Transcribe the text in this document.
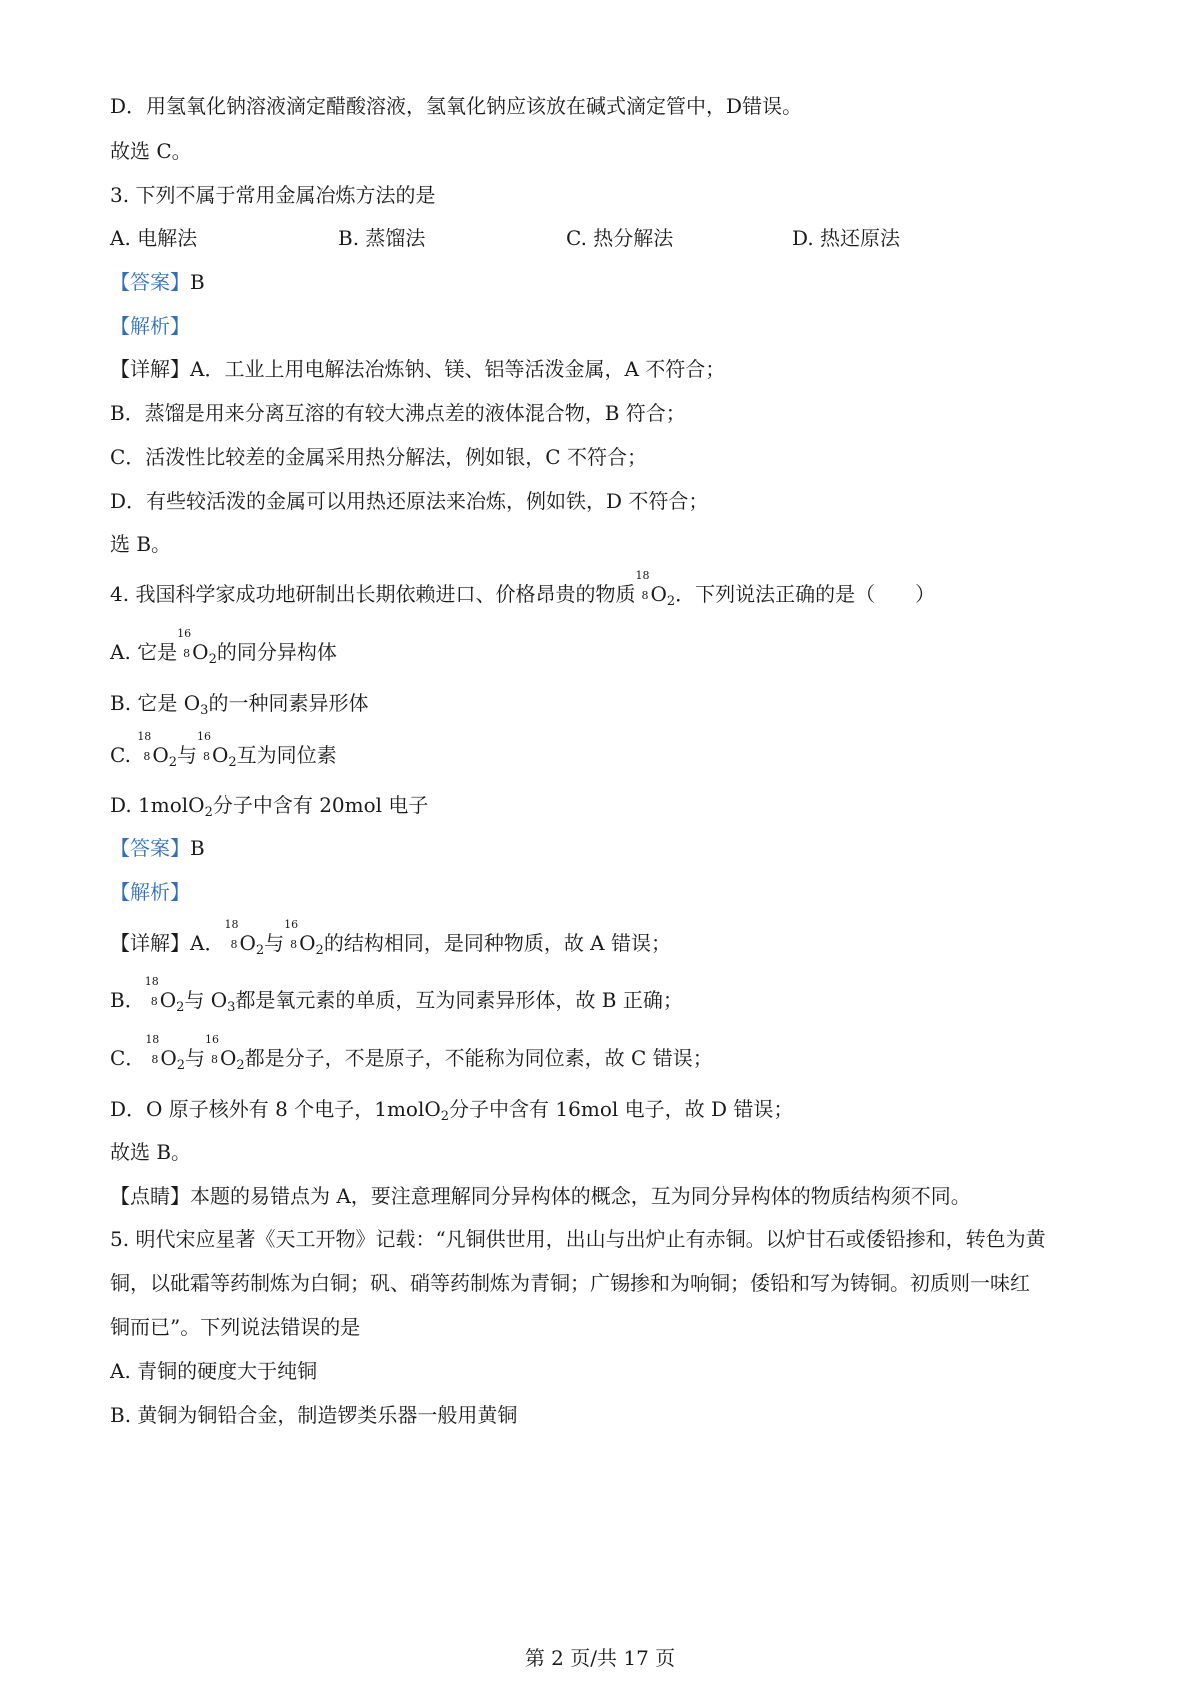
D．用氢氧化钠溶液滴定醋酸溶液，氢氧化钠应该放在碱式滴定管中，D错误。
故选 C。
3. 下列不属于常用金属冶炼方法的是
A. 电解法	B. 蒸馏法	C. 热分解法	D. 热还原法
【答案】B
【解析】
【详解】A．工业上用电解法冶炼钠、镁、铝等活泼金属，A 不符合；
B．蒸馏是用来分离互溶的有较大沸点差的液体混合物，B 符合；
C．活泼性比较差的金属采用热分解法，例如银，C 不符合；
D．有些较活泼的金属可以用热还原法来冶炼，例如铁，D 不符合；
选 B。
4. 我国科学家成功地研制出长期依赖进口、价格昂贵的物质
18
8 $O_2$．下列说法正确的是（　　）
A. 它是
16
8 $O_2$的同分异构体
B. 它是 $O_3$的一种同素异形体
C.
18
8 $O_2$与
16
8 $O_2$互为同位素
D. 1molO$_2$分子中含有 20mol 电子
【答案】B
【解析】
【详解】A．
18
8 $O_2$与
16
8 $O_2$的结构相同，是同种物质，故 A 错误；
B．
18
8 $O_2$与 $O_3$都是氧元素的单质，互为同素异形体，故 B 正确；
C．
18
8 $O_2$与
16
8 $O_2$都是分子，不是原子，不能称为同位素，故 C 错误；
D．O 原子核外有 8 个电子，1molO$_2$分子中含有 16mol 电子，故 D 错误；
故选 B。
【点睛】本题的易错点为 A，要注意理解同分异构体的概念，互为同分异构体的物质结构须不同。
5. 明代宋应星著《天工开物》记载：“凡铜供世用，出山与出炉止有赤铜。以炉甘石或倭铅掺和，转色为黄
铜，以砒霜等药制炼为白铜；矾、硝等药制炼为青铜；广锡掺和为响铜；倭铅和写为铸铜。初质则一味红
铜而已”。下列说法错误的是
A. 青铜的硬度大于纯铜
B. 黄铜为铜铅合金，制造锣类乐器一般用黄铜
第 2 页/共 17 页
